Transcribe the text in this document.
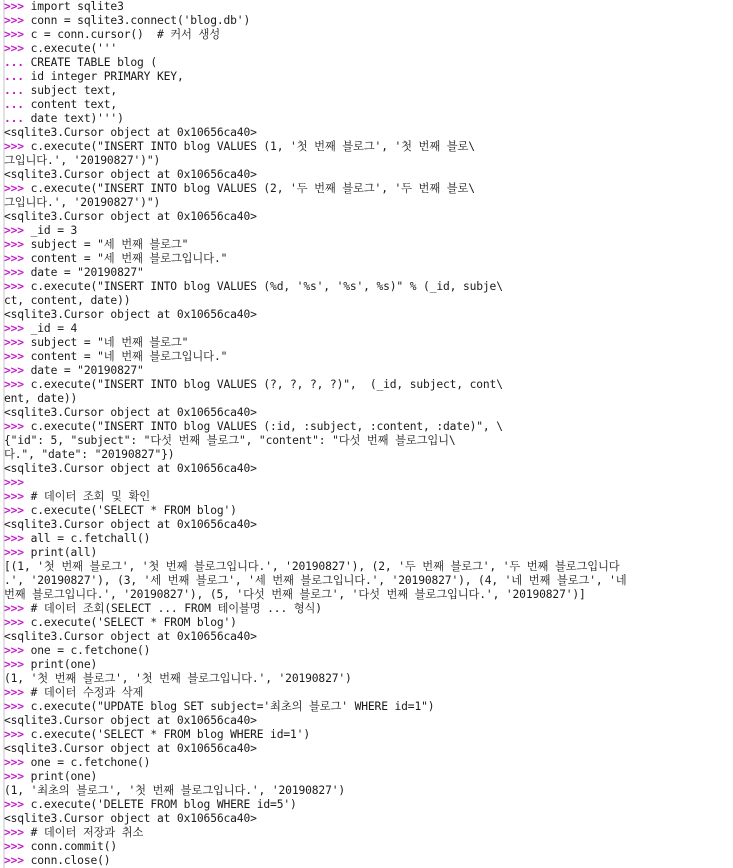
>>> import sqlite3
>>> conn = sqlite3.connect('blog.db')
>>> c = conn.cursor()  # 커서 생성
>>> c.execute('''
... CREATE TABLE blog (
... id integer PRIMARY KEY,
... subject text,
... content text,
... date text)''')
<sqlite3.Cursor object at 0x10656ca40>
>>> c.execute("INSERT INTO blog VALUES (1, '첫 번째 블로그', '첫 번째 블로\
그입니다.', '20190827')")
<sqlite3.Cursor object at 0x10656ca40>
>>> c.execute("INSERT INTO blog VALUES (2, '두 번째 블로그', '두 번째 블로\
그입니다.', '20190827')")
<sqlite3.Cursor object at 0x10656ca40>
>>> _id = 3
>>> subject = "세 번째 블로그"
>>> content = "세 번째 블로그입니다."
>>> date = "20190827"
>>> c.execute("INSERT INTO blog VALUES (%d, '%s', '%s', %s)" % (_id, subje\
ct, content, date))
<sqlite3.Cursor object at 0x10656ca40>
>>> _id = 4
>>> subject = "네 번째 블로그"
>>> content = "네 번째 블로그입니다."
>>> date = "20190827"
>>> c.execute("INSERT INTO blog VALUES (?, ?, ?, ?)",  (_id, subject, cont\
ent, date))
<sqlite3.Cursor object at 0x10656ca40>
>>> c.execute("INSERT INTO blog VALUES (:id, :subject, :content, :date)", \
{"id": 5, "subject": "다섯 번째 블로그", "content": "다섯 번째 블로그입니\
다.", "date": "20190827"})
<sqlite3.Cursor object at 0x10656ca40>
>>>
>>> # 데이터 조회 및 확인
>>> c.execute('SELECT * FROM blog')
<sqlite3.Cursor object at 0x10656ca40>
>>> all = c.fetchall()
>>> print(all)
[(1, '첫 번째 블로그', '첫 번째 블로그입니다.', '20190827'), (2, '두 번째 블로그', '두 번째 블로그입니다
.', '20190827'), (3, '세 번째 블로그', '세 번째 블로그입니다.', '20190827'), (4, '네 번째 블로그', '네
번째 블로그입니다.', '20190827'), (5, '다섯 번째 블로그', '다섯 번째 블로그입니다.', '20190827')]
>>> # 데이터 조회(SELECT ... FROM 테이블명 ... 형식)
>>> c.execute('SELECT * FROM blog')
<sqlite3.Cursor object at 0x10656ca40>
>>> one = c.fetchone()
>>> print(one)
(1, '첫 번째 블로그', '첫 번째 블로그입니다.', '20190827')
>>> # 데이터 수정과 삭제
>>> c.execute("UPDATE blog SET subject='최초의 블로그' WHERE id=1")
<sqlite3.Cursor object at 0x10656ca40>
>>> c.execute('SELECT * FROM blog WHERE id=1')
<sqlite3.Cursor object at 0x10656ca40>
>>> one = c.fetchone()
>>> print(one)
(1, '최초의 블로그', '첫 번째 블로그입니다.', '20190827')
>>> c.execute('DELETE FROM blog WHERE id=5')
<sqlite3.Cursor object at 0x10656ca40>
>>> # 데이터 저장과 취소
>>> conn.commit()
>>> conn.close()
